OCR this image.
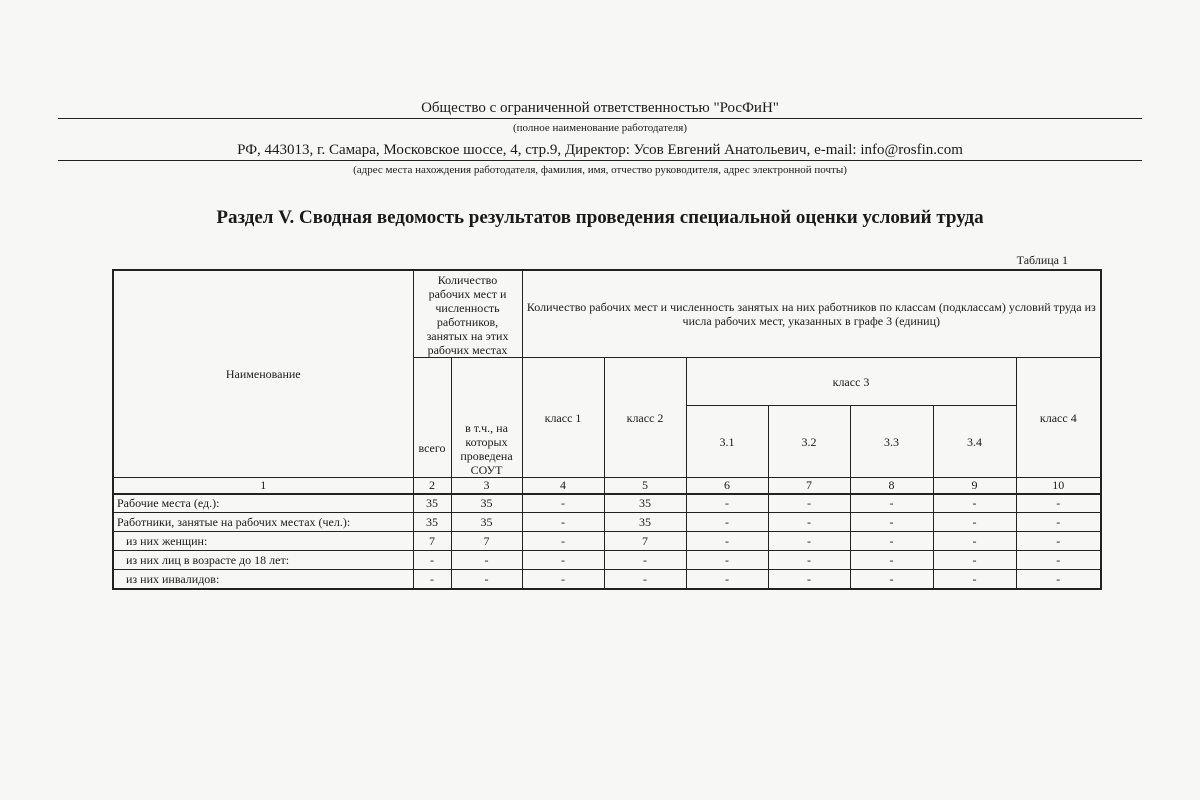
Общество с ограниченной ответственностью "РосФиН"
(полное наименование работодателя)
РФ, 443013, г. Самара, Московское шоссе, 4, стр.9, Директор: Усов Евгений Анатольевич, e-mail: info@rosfin.com
(адрес места нахождения работодателя, фамилия, имя, отчество руководителя, адрес электронной почты)
Раздел V. Сводная ведомость результатов проведения специальной оценки условий труда
Таблица 1
Наименование	Количество рабочих мест и численность работников, занятых на этих рабочих местах		Количество рабочих мест и численность занятых на них работников по классам (подклассам) условий труда из числа рабочих мест, указанных в графе 3 (единиц)						
	всего	в т.ч., на которых проведена СОУТ	класс 1	класс 2	класс 3				класс 4
					3.1	3.2	3.3	3.4	
1	2	3	4	5	6	7	8	9	10
Рабочие места (ед.):	35	35	-	35	-	-	-	-	-
Работники, занятые на рабочих местах (чел.):	35	35	-	35	-	-	-	-	-
из них женщин:	7	7	-	7	-	-	-	-	-
из них лиц в возрасте до 18 лет:	-	-	-	-	-	-	-	-	-
из них инвалидов:	-	-	-	-	-	-	-	-	-
